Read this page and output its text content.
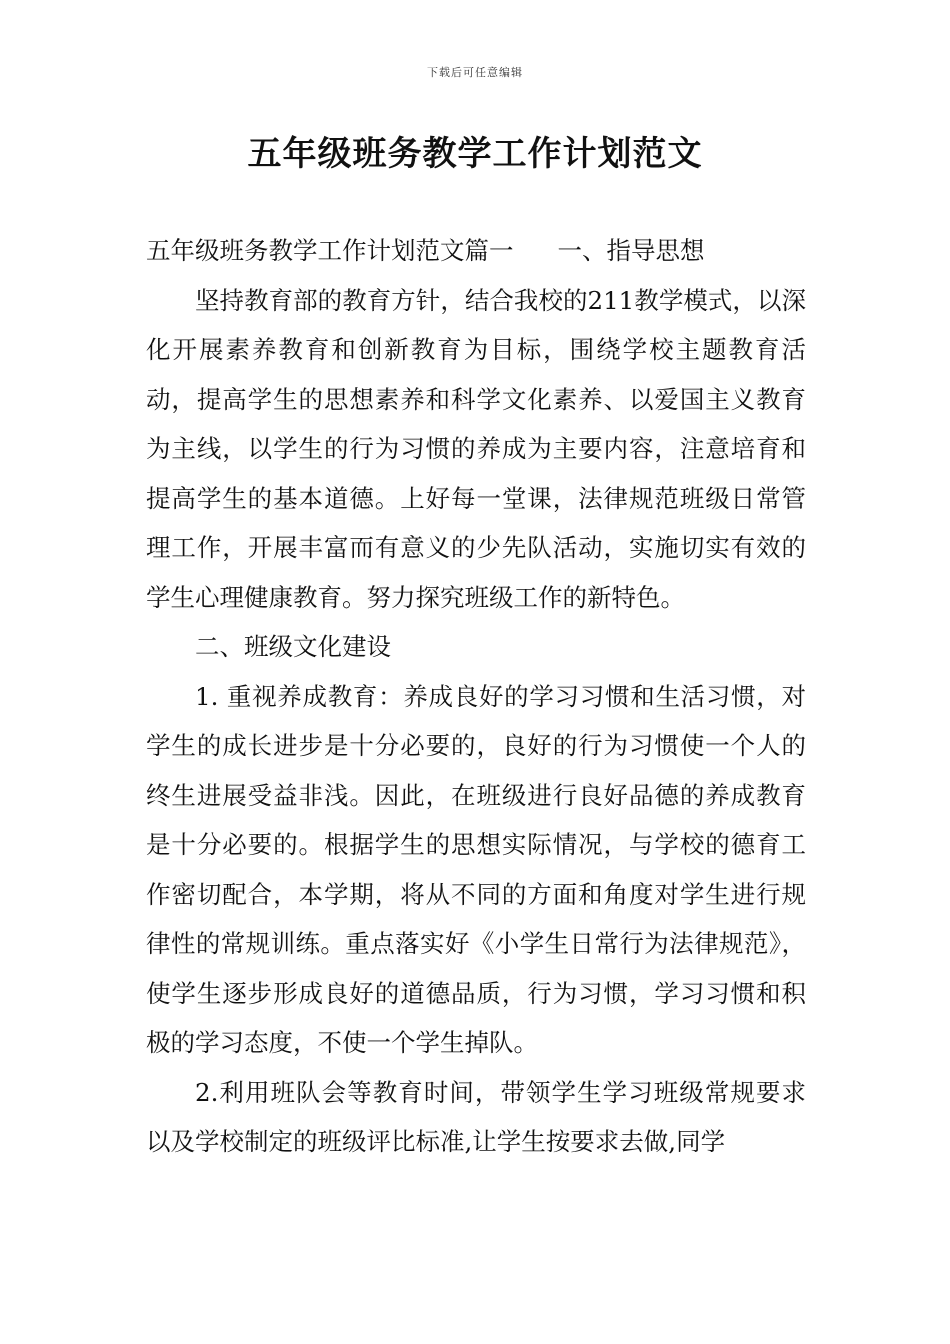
下载后可任意编辑
五年级班务教学工作计划范文

五年级班务教学工作计划范文篇一 一、指导思想

坚持教育部的教育方针，结合我校的211教学模式，以深化开展素养教育和创新教育为目标，围绕学校主题教育活动，提高学生的思想素养和科学文化素养、以爱国主义教育为主线，以学生的行为习惯的养成为主要内容，注意培育和提高学生的基本道德。上好每一堂课，法律规范班级日常管理工作，开展丰富而有意义的少先队活动，实施切实有效的学生心理健康教育。努力探究班级工作的新特色。

二、班级文化建设

1. 重视养成教育：养成良好的学习习惯和生活习惯，对学生的成长进步是十分必要的，良好的行为习惯使一个人的终生进展受益非浅。因此，在班级进行良好品德的养成教育是十分必要的。根据学生的思想实际情况，与学校的德育工作密切配合，本学期，将从不同的方面和角度对学生进行规律性的常规训练。重点落实好《小学生日常行为法律规范》，使学生逐步形成良好的道德品质，行为习惯，学习习惯和积极的学习态度，不使一个学生掉队。

2.利用班队会等教育时间，带领学生学习班级常规要求以及学校制定的班级评比标准,让学生按要求去做,同学
